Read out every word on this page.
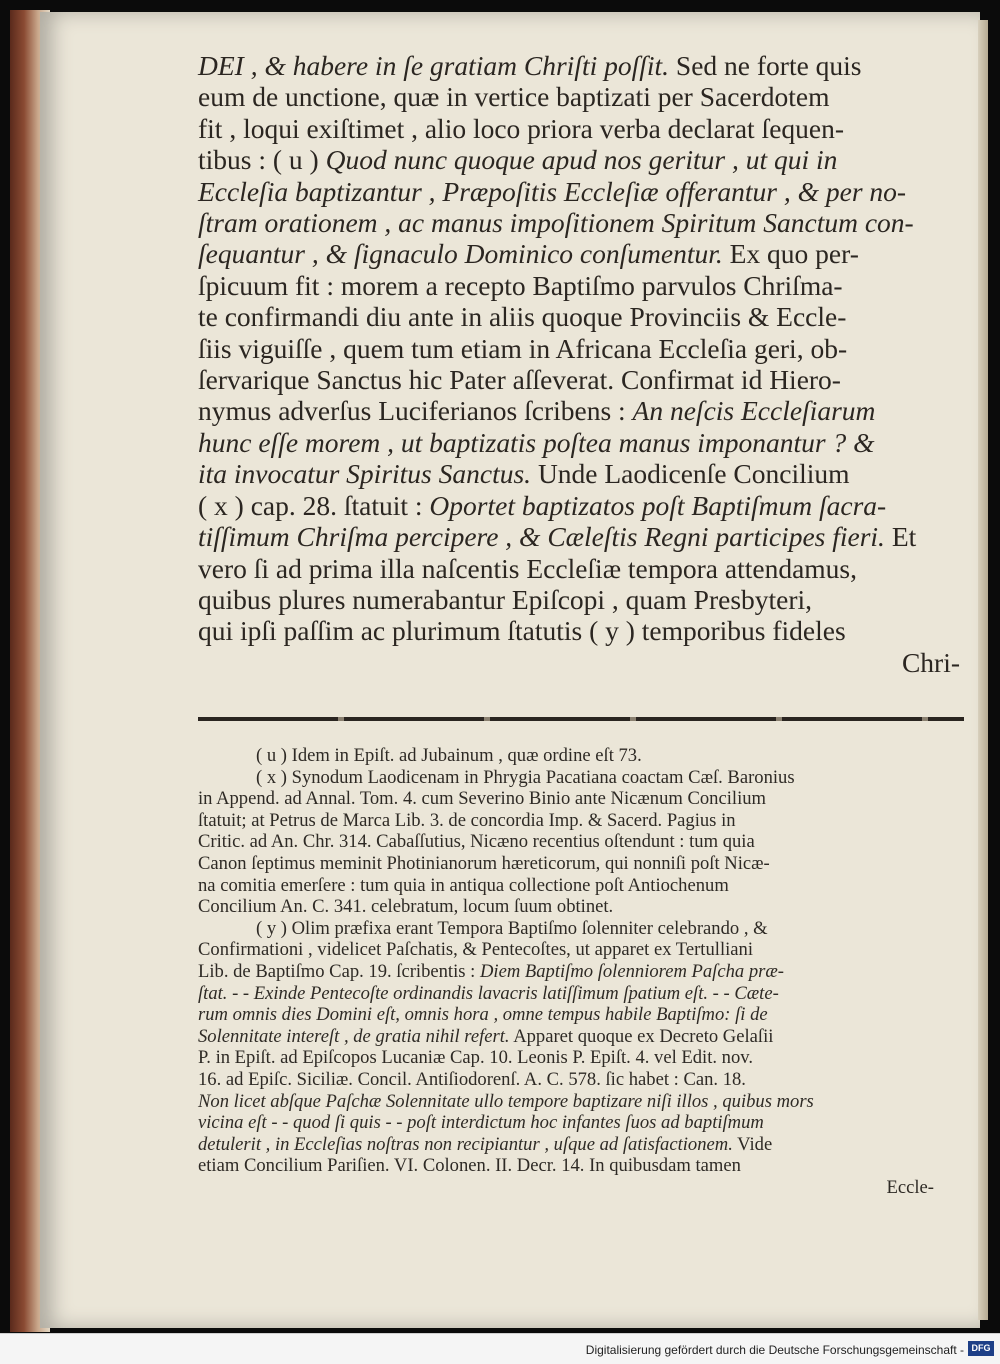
DEI , & habere in ſe gratiam Chriſti poſſit. Sed ne forte quis
eum de unctione, quæ in vertice baptizati per Sacerdotem
fit , loqui exiſtimet , alio loco priora verba declarat ſequen-
tibus : ( u ) Quod nunc quoque apud nos geritur , ut qui in
Eccleſia baptizantur , Præpoſitis Eccleſiæ offerantur , & per no-
ſtram orationem , ac manus impoſitionem Spiritum Sanctum con-
ſequantur , & ſignaculo Dominico conſumentur. Ex quo per-
ſpicuum fit : morem a recepto Baptiſmo parvulos Chriſma-
te confirmandi diu ante in aliis quoque Provinciis & Eccle-
ſiis viguiſſe , quem tum etiam in Africana Eccleſia geri, ob-
ſervarique Sanctus hic Pater aſſeverat. Confirmat id Hiero-
nymus adverſus Luciferianos ſcribens : An neſcis Eccleſiarum
hunc eſſe morem , ut baptizatis poſtea manus imponantur ? &
ita invocatur Spiritus Sanctus. Unde Laodicenſe Concilium
( x ) cap. 28. ſtatuit : Oportet baptizatos poſt Baptiſmum ſacra-
tiſſimum Chriſma percipere , & Cæleſtis Regni participes fieri. Et
vero ſi ad prima illa naſcentis Eccleſiæ tempora attendamus,
quibus plures numerabantur Epiſcopi , quam Presbyteri,
qui ipſi paſſim ac plurimum ſtatutis ( y ) temporibus fideles
Chri-
( u ) Idem in Epiſt. ad Jubainum , quæ ordine eſt 73.
( x ) Synodum Laodicenam in Phrygia Pacatiana coactam Cæſ. Baronius
in Append. ad Annal. Tom. 4. cum Severino Binio ante Nicænum Concilium
ſtatuit; at Petrus de Marca Lib. 3. de concordia Imp. & Sacerd. Pagius in
Critic. ad An. Chr. 314. Cabaſſutius, Nicæno recentius oſtendunt : tum quia
Canon ſeptimus meminit Photinianorum hæreticorum, qui nonniſi poſt Nicæ-
na comitia emerſere : tum quia in antiqua collectione poſt Antiochenum
Concilium An. C. 341. celebratum, locum ſuum obtinet.
( y ) Olim præfixa erant Tempora Baptiſmo ſolenniter celebrando , &
Confirmationi , videlicet Paſchatis, & Pentecoſtes, ut apparet ex Tertulliani
Lib. de Baptiſmo Cap. 19. ſcribentis : Diem Baptiſmo ſolenniorem Paſcha præ-
ſtat. - - Exinde Pentecoſte ordinandis lavacris latiſſimum ſpatium eſt. - - Cæte-
rum omnis dies Domini eſt, omnis hora , omne tempus habile Baptiſmo: ſi de
Solennitate intereſt , de gratia nihil refert. Apparet quoque ex Decreto Gelaſii
P. in Epiſt. ad Epiſcopos Lucaniæ Cap. 10. Leonis P. Epiſt. 4. vel Edit. nov.
16. ad Epiſc. Siciliæ. Concil. Antiſiodorenſ. A. C. 578. ſic habet : Can. 18.
Non licet abſque Paſchæ Solennitate ullo tempore baptizare niſi illos , quibus mors
vicina eſt - - quod ſi quis - - poſt interdictum hoc infantes ſuos ad baptiſmum
detulerit , in Eccleſias noſtras non recipiantur , uſque ad ſatisfactionem. Vide
etiam Concilium Pariſien. VI. Colonen. II. Decr. 14. In quibusdam tamen
Eccle-
Digitalisierung gefördert durch die Deutsche Forschungsgemeinschaft - DFG
